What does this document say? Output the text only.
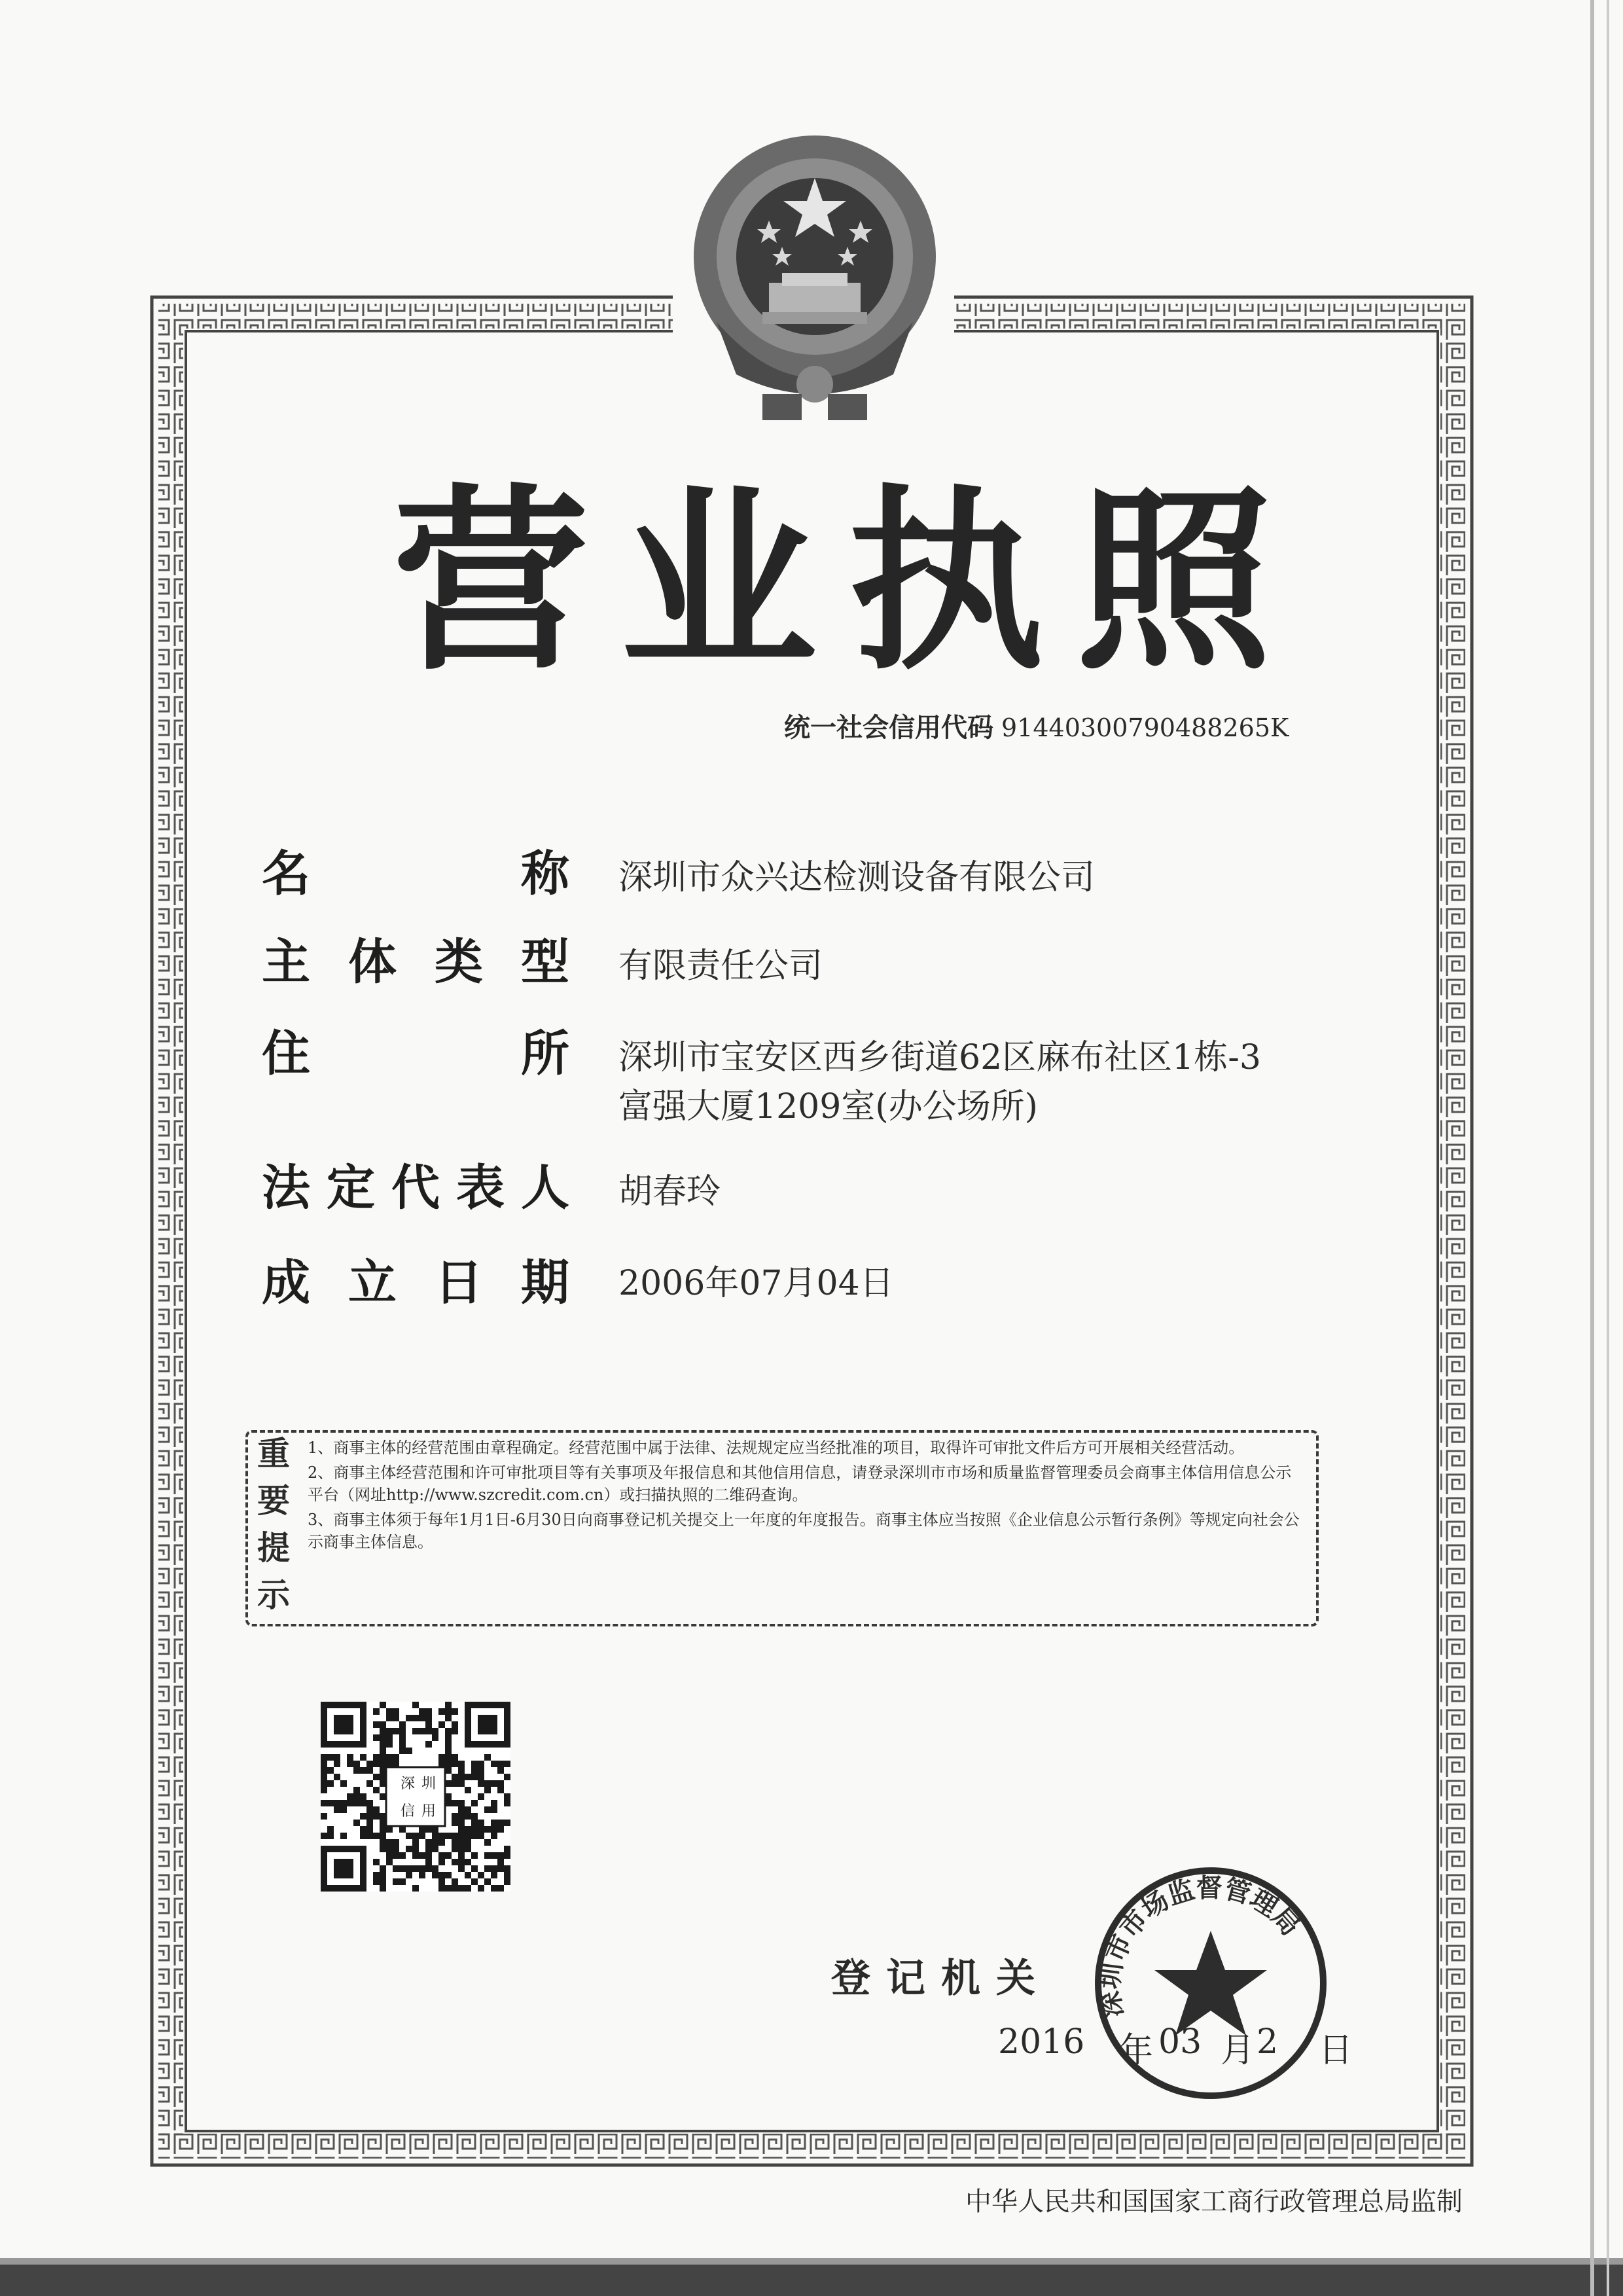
营业执照
统一社会信用代码 91440300790488265K
名	称 深圳市众兴达检测设备有限公司
主 体 类 型 有限责任公司
住	所 深圳市宝安区西乡街道62区麻布社区1栋-3
富强大厦1209室(办公场所)
法 定 代 表 人 胡春玲
成 立 日 期 2006年07月04日
重
要
提
示

1、商事主体的经营范围由章程确定。经营范围中属于法律、法规规定应当经批准的项目，取得许可审批文件后方可开展相关经营活动。

2、商事主体经营范围和许可审批项目等有关事项及年报信息和其他信用信息，请登录深圳市市场和质量监督管理委员会商事主体信用信息公示平台（网址http://www.szcredit.com.cn）或扫描执照的二维码查询。

3、商事主体须于每年1月1日-6月30日向商事登记机关提交上一年度的年度报告。商事主体应当按照《企业信息公示暂行条例》等规定向社会公示商事主体信息。

深	圳
信	用
登记机关
深圳市市场监督管理局
2016 年 03 月 2 日
中华人民共和国国家工商行政管理总局监制
